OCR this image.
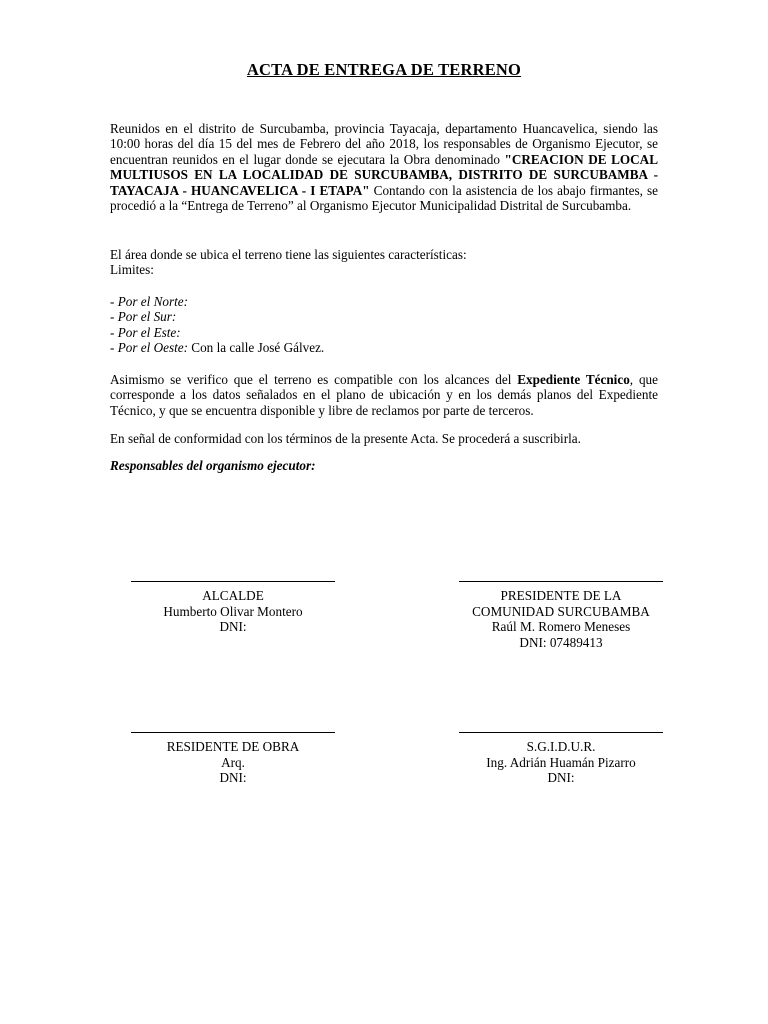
ACTA DE ENTREGA DE TERRENO
Reunidos en el distrito de Surcubamba, provincia Tayacaja, departamento Huancavelica, siendo las 10:00 horas del día 15 del mes de Febrero del año 2018, los responsables de Organismo Ejecutor, se encuentran reunidos en el lugar donde se ejecutara la Obra denominado "CREACION DE LOCAL MULTIUSOS EN LA LOCALIDAD DE SURCUBAMBA, DISTRITO DE SURCUBAMBA - TAYACAJA - HUANCAVELICA - I ETAPA" Contando con la asistencia de los abajo firmantes, se procedió a la “Entrega de Terreno” al Organismo Ejecutor Municipalidad Distrital de Surcubamba.
El área donde se ubica el terreno tiene las siguientes características:
Limites:
- Por el Norte:
- Por el Sur:
- Por el Este:
- Por el Oeste: Con la calle José Gálvez.
Asimismo se verifico que el terreno es compatible con los alcances del Expediente Técnico, que corresponde a los datos señalados en el plano de ubicación y en los demás planos del Expediente Técnico, y que se encuentra disponible y libre de reclamos por parte de terceros.
En señal de conformidad con los términos de la presente Acta. Se procederá a suscribirla.
Responsables del organismo ejecutor:
ALCALDE
Humberto Olivar Montero
DNI:
PRESIDENTE DE LA COMUNIDAD SURCUBAMBA
Raúl M. Romero Meneses
DNI: 07489413
RESIDENTE DE OBRA
Arq.
DNI:
S.G.I.D.U.R.
Ing. Adrián Huamán Pizarro
DNI:
